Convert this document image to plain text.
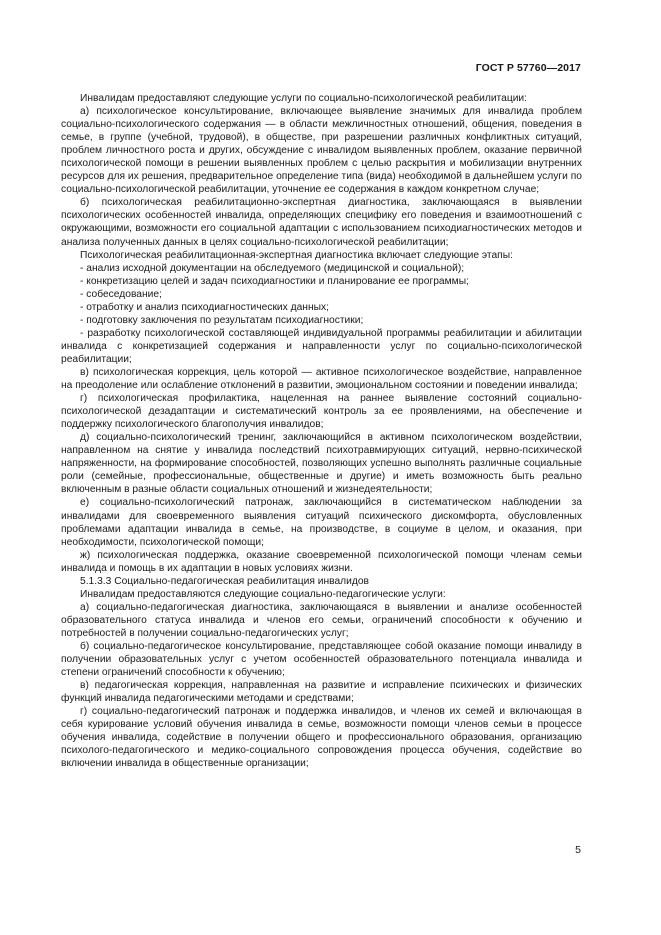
ГОСТ Р 57760—2017

Инвалидам предоставляют следующие услуги по социально-психологической реабилитации:

а) психологическое консультирование, включающее выявление значимых для инвалида проблем социально-психологического содержания — в области межличностных отношений, общения, поведения в семье, в группе (учебной, трудовой), в обществе, при разрешении различных конфликтных ситуаций, проблем личностного роста и других, обсуждение с инвалидом выявленных проблем, оказание первичной психологической помощи в решении выявленных проблем с целью раскрытия и мобилизации внутренних ресурсов для их решения, предварительное определение типа (вида) необходимой в дальнейшем услуги по социально-психологической реабилитации, уточнение ее содержания в каждом конкретном случае;

б) психологическая реабилитационно-экспертная диагностика, заключающаяся в выявлении психологических особенностей инвалида, определяющих специфику его поведения и взаимоотношений с окружающими, возможности его социальной адаптации с использованием психодиагностических методов и анализа полученных данных в целях социально-психологической реабилитации;

Психологическая реабилитационная-экспертная диагностика включает следующие этапы:

- анализ исходной документации на обследуемого (медицинской и социальной);

- конкретизацию целей и задач психодиагностики и планирование ее программы;

- собеседование;

- отработку и анализ психодиагностических данных;

- подготовку заключения по результатам психодиагностики;

- разработку психологической составляющей индивидуальной программы реабилитации и абилитации инвалида с конкретизацией содержания и направленности услуг по социально-психологической реабилитации;

в) психологическая коррекция, цель которой — активное психологическое воздействие, направленное на преодоление или ослабление отклонений в развитии, эмоциональном состоянии и поведении инвалида;

г) психологическая профилактика, нацеленная на раннее выявление состояний социально-психологической дезадаптации и систематический контроль за ее проявлениями, на обеспечение и поддержку психологического благополучия инвалидов;

д) социально-психологический тренинг, заключающийся в активном психологическом воздействии, направленном на снятие у инвалида последствий психотравмирующих ситуаций, нервно-психической напряженности, на формирование способностей, позволяющих успешно выполнять различные социальные роли (семейные, профессиональные, общественные и другие) и иметь возможность быть реально включенным в разные области социальных отношений и жизнедеятельности;

е) социально-психологический патронаж, заключающийся в систематическом наблюдении за инвалидами для своевременного выявления ситуаций психического дискомфорта, обусловленных проблемами адаптации инвалида в семье, на производстве, в социуме в целом, и оказания, при необходимости, психологической помощи;

ж) психологическая поддержка, оказание своевременной психологической помощи членам семьи инвалида и помощь в их адаптации в новых условиях жизни.

5.1.3.3 Социально-педагогическая реабилитация инвалидов

Инвалидам предоставляются следующие социально-педагогические услуги:

а) социально-педагогическая диагностика, заключающаяся в выявлении и анализе особенностей образовательного статуса инвалида и членов его семьи, ограничений способности к обучению и потребностей в получении социально-педагогических услуг;

б) социально-педагогическое консультирование, представляющее собой оказание помощи инвалиду в получении образовательных услуг с учетом особенностей образовательного потенциала инвалида и степени ограничений способности к обучению;

в) педагогическая коррекция, направленная на развитие и исправление психических и физических функций инвалида педагогическими методами и средствами;

г) социально-педагогический патронаж и поддержка инвалидов, и членов их семей и включающая в себя курирование условий обучения инвалида в семье, возможности помощи членов семьи в процессе обучения инвалида, содействие в получении общего и профессионального образования, организацию психолого-педагогического и медико-социального сопровождения процесса обучения, содействие во включении инвалида в общественные организации;

5
